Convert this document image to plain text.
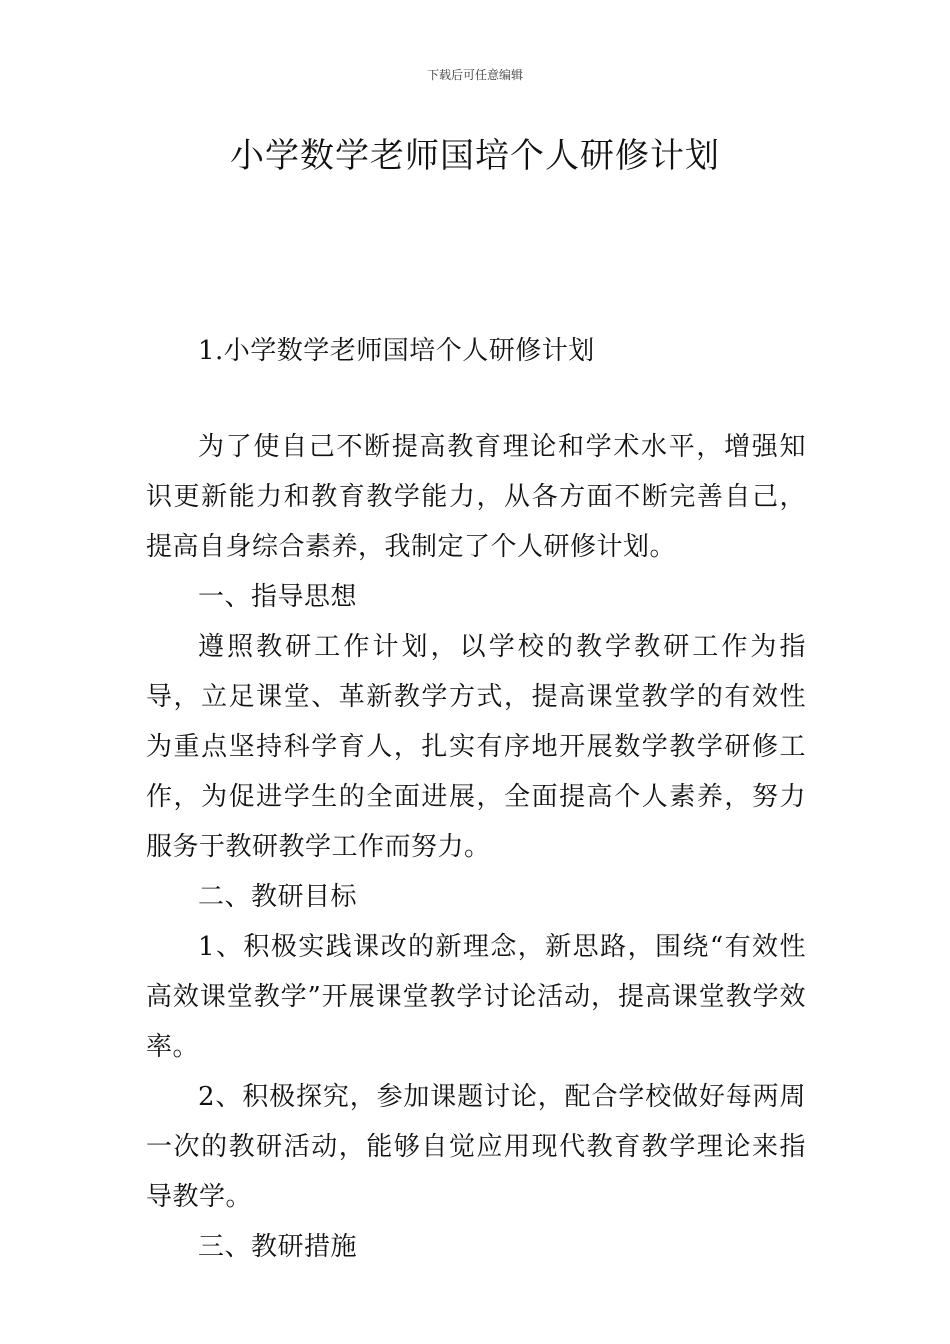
下载后可任意编辑
小学数学老师国培个人研修计划
1.小学数学老师国培个人研修计划

为了使自己不断提高教育理论和学术水平，增强知识更新能力和教育教学能力，从各方面不断完善自己，提高自身综合素养，我制定了个人研修计划。

一、指导思想

遵照教研工作计划，以学校的教学教研工作为指导，立足课堂、革新教学方式，提高课堂教学的有效性为重点坚持科学育人，扎实有序地开展数学教学研修工作，为促进学生的全面进展，全面提高个人素养，努力服务于教研教学工作而努力。

二、教研目标

1、积极实践课改的新理念，新思路，围绕“有效性高效课堂教学”开展课堂教学讨论活动，提高课堂教学效率。

2、积极探究，参加课题讨论，配合学校做好每两周一次的教研活动，能够自觉应用现代教育教学理论来指导教学。

三、教研措施
